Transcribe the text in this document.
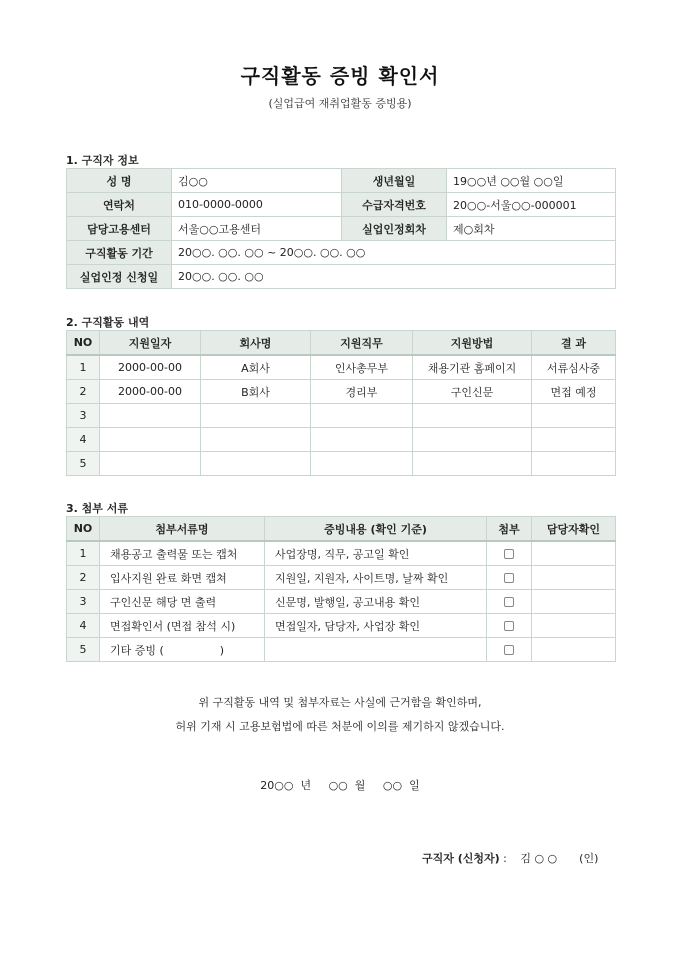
구직활동 증빙 확인서
(실업급여 재취업활동 증빙용)
1. 구직자 정보
성 명	김○○	생년월일	19○○년 ○○월 ○○일
연락처	010-0000-0000	수급자격번호	20○○-서울○○-000001
담당고용센터	서울○○고용센터	실업인정회차	제○회차
구직활동 기간	20○○. ○○. ○○ ~ 20○○. ○○. ○○		
실업인정 신청일	20○○. ○○. ○○		
2. 구직활동 내역
NO	지원일자	회사명	지원직무	지원방법	결 과
1	2000-00-00	A회사	인사총무부	채용기관 홈페이지	서류심사중
2	2000-00-00	B회사	경리부	구인신문	면접 예정
3					
4					
5					
3. 첨부 서류
NO	첨부서류명	증빙내용 (확인 기준)	첨부	담당자확인
1	채용공고 출력물 또는 캡처	사업장명, 직무, 공고일 확인		
2	입사지원 완료 화면 캡쳐	지원일, 지원자, 사이트명, 날짜 확인		
3	구인신문 해당 면 출력	신문명, 발행일, 공고내용 확인		
4	면접확인서 (면접 참석 시)	면접일자, 담당자, 사업장 확인		
5	기타 증빙 (                )			
위 구직활동 내역 및 첨부자료는 사실에 근거함을 확인하며,
허위 기재 시 고용보험법에 따른 처분에 이의를 제기하지 않겠습니다.
20○○  년     ○○  월     ○○  일
구직자 (신청자) : 김 ○ ○ (인)
